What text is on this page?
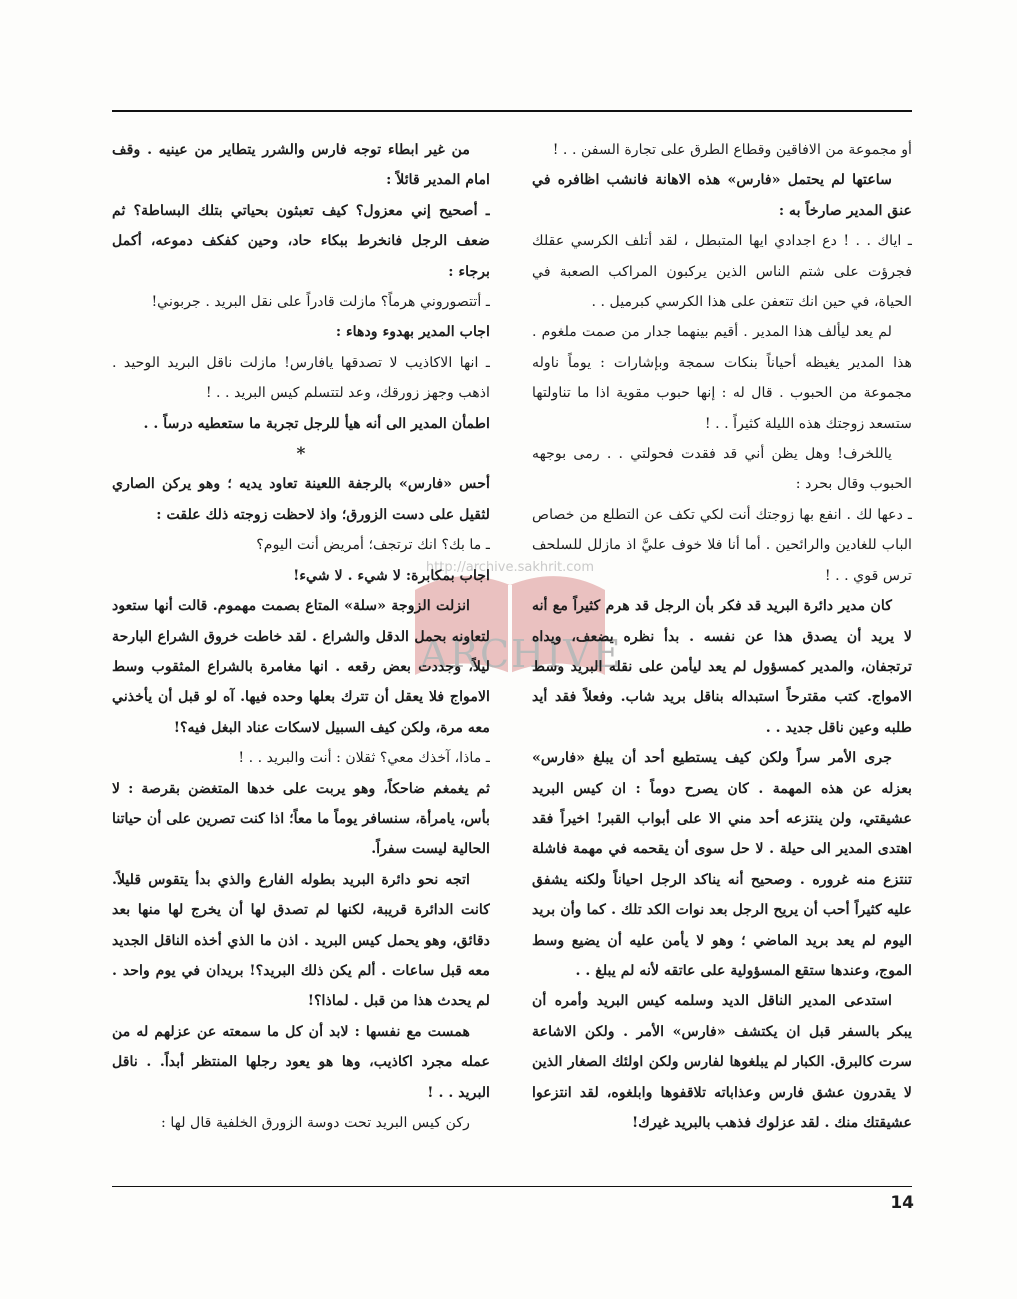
http://archive.sakhrit.com
ARCHIVE

أو مجموعة من الافاقين وقطاع الطرق على تجارة السفن . . !

ساعتها لم يحتمل «فارس» هذه الاهانة فانشب اظافره في عنق المدير صارخاً به :

ـ اياك . . ! دع اجدادي ايها المتبطل ، لقد أتلف الكرسي عقلك فجرؤت على شتم الناس الذين يركبون المراكب الصعبة في الحياة، في حين انك تتعفن على هذا الكرسي كبرميل . .

لم يعد ليألف هذا المدير . أقيم بينهما جدار من صمت ملغوم . هذا المدير يغيظه أحياناً بنكات سمجة وبإشارات : يوماً ناوله مجموعة من الحبوب . قال له : إنها حبوب مقوية اذا ما تناولتها ستسعد زوجتك هذه الليلة كثيراً . . !

ياللخرف! وهل يظن أني قد فقدت فحولتي . . رمى بوجهه الحبوب وقال بحرد :

ـ دعها لك . انفع بها زوجتك أنت لكي تكف عن التطلع من خصاص الباب للغادين والرائحين . أما أنا فلا خوف عليَّ اذ مازلل للسلحف ترس قوي . . !

كان مدير دائرة البريد قد فكر بأن الرجل قد هرم كثيراً مع أنه لا يريد أن يصدق هذا عن نفسه . بدأ نظره يضعف، ويداه ترتجفان، والمدير كمسؤول لم يعد ليأمن على نقله البريد وسط الامواج. كتب مقترحاً استبداله بناقل بريد شاب. وفعلاً فقد أيد طلبه وعين ناقل جديد . .

جرى الأمر سراً ولكن كيف يستطيع أحد أن يبلغ «فارس» بعزله عن هذه المهمة . كان يصرح دوماً : ان كيس البريد عشيقتي، ولن ينتزعه أحد مني الا على أبواب القبر! اخيراً فقد اهتدى المدير الى حيلة . لا حل سوى أن يقحمه في مهمة فاشلة تنتزع منه غروره . وصحيح أنه يناكد الرجل احياناً ولكنه يشفق عليه كثيراً أحب أن يريح الرجل بعد نوات الكد تلك . كما وأن بريد اليوم لم يعد بريد الماضي ؛ وهو لا يأمن عليه أن يضيع وسط الموج، وعندها ستقع المسؤولية على عاتقه لأنه لم يبلغ . .

استدعى المدير الناقل الديد وسلمه كيس البريد وأمره أن يبكر بالسفر قبل ان يكتشف «فارس» الأمر . ولكن الاشاعة سرت كالبرق. الكبار لم يبلغوها لفارس ولكن اولئك الصغار الذين لا يقدرون عشق فارس وعذاباته تلاقفوها وابلغوه، لقد انتزعوا عشيقتك منك . لقد عزلوك فذهب بالبريد غيرك!

من غير ابطاء توجه فارس والشرر يتطاير من عينيه . وقف امام المدير قائلاً :

ـ أصحيح إني معزول؟ كيف تعبثون بحياتي بتلك البساطة؟ ثم ضعف الرجل فانخرط ببكاء حاد، وحين كفكف دموعه، أكمل برجاء :

ـ أتتصوروني هرماً؟ مازلت قادراً على نقل البريد . جربوني!

اجاب المدير بهدوء ودهاء :

ـ انها الاكاذيب لا تصدقها يافارس! مازلت ناقل البريد الوحيد . اذهب وجهز زورقك، وعد لتتسلم كيس البريد . . !

اطمأن المدير الى أنه هيأ للرجل تجربة ما ستعطيه درساً . .

*

أحس «فارس» بالرجفة اللعينة تعاود يديه ؛ وهو يركن الصاري لثقيل على دست الزورق؛ واذ لاحظت زوجته ذلك علقت :

ـ ما بك؟ انك ترتجف؛ أمريض أنت اليوم؟

اجاب بمكابرة: لا شيء . لا شيء!

انزلت الزوجة «سلة» المتاع بصمت مهموم. قالت أنها ستعود لتعاونه بحمل الدقل والشراع . لقد خاطت خروق الشراع البارحة ليلاً، وجددت بعض رقعه . انها مغامرة بالشراع المثقوب وسط الامواج فلا يعقل أن تترك بعلها وحده فيها. آه لو قبل أن يأخذني معه مرة، ولكن كيف السبيل لاسكات عناد البغل فيه؟!

ـ ماذا، آخذك معي؟ ثقلان : أنت والبريد . . !

ثم يغمغم ضاحكاً، وهو يربت على خدها المتغضن بقرصة : لا بأس، يامرأة، سنسافر يوماً ما معاً؛ اذا كنت تصرين على أن حياتنا الحالية ليست سفراً.

اتجه نحو دائرة البريد بطوله الفارع والذي بدأ يتقوس قليلاً. كانت الدائرة قريبة، لكنها لم تصدق لها أن يخرج لها منها بعد دقائق، وهو يحمل كيس البريد . اذن ما الذي أخذه الناقل الجديد معه قبل ساعات . ألم يكن ذلك البريد؟! بريدان في يوم واحد . لم يحدث هذا من قبل . لماذا؟!

همست مع نفسها : لابد أن كل ما سمعته عن عزلهم له من عمله مجرد اكاذيب، وها هو يعود رجلها المنتظر أبداً. . ناقل البريد . . !

ركن كيس البريد تحت دوسة الزورق الخلفية قال لها :

14
